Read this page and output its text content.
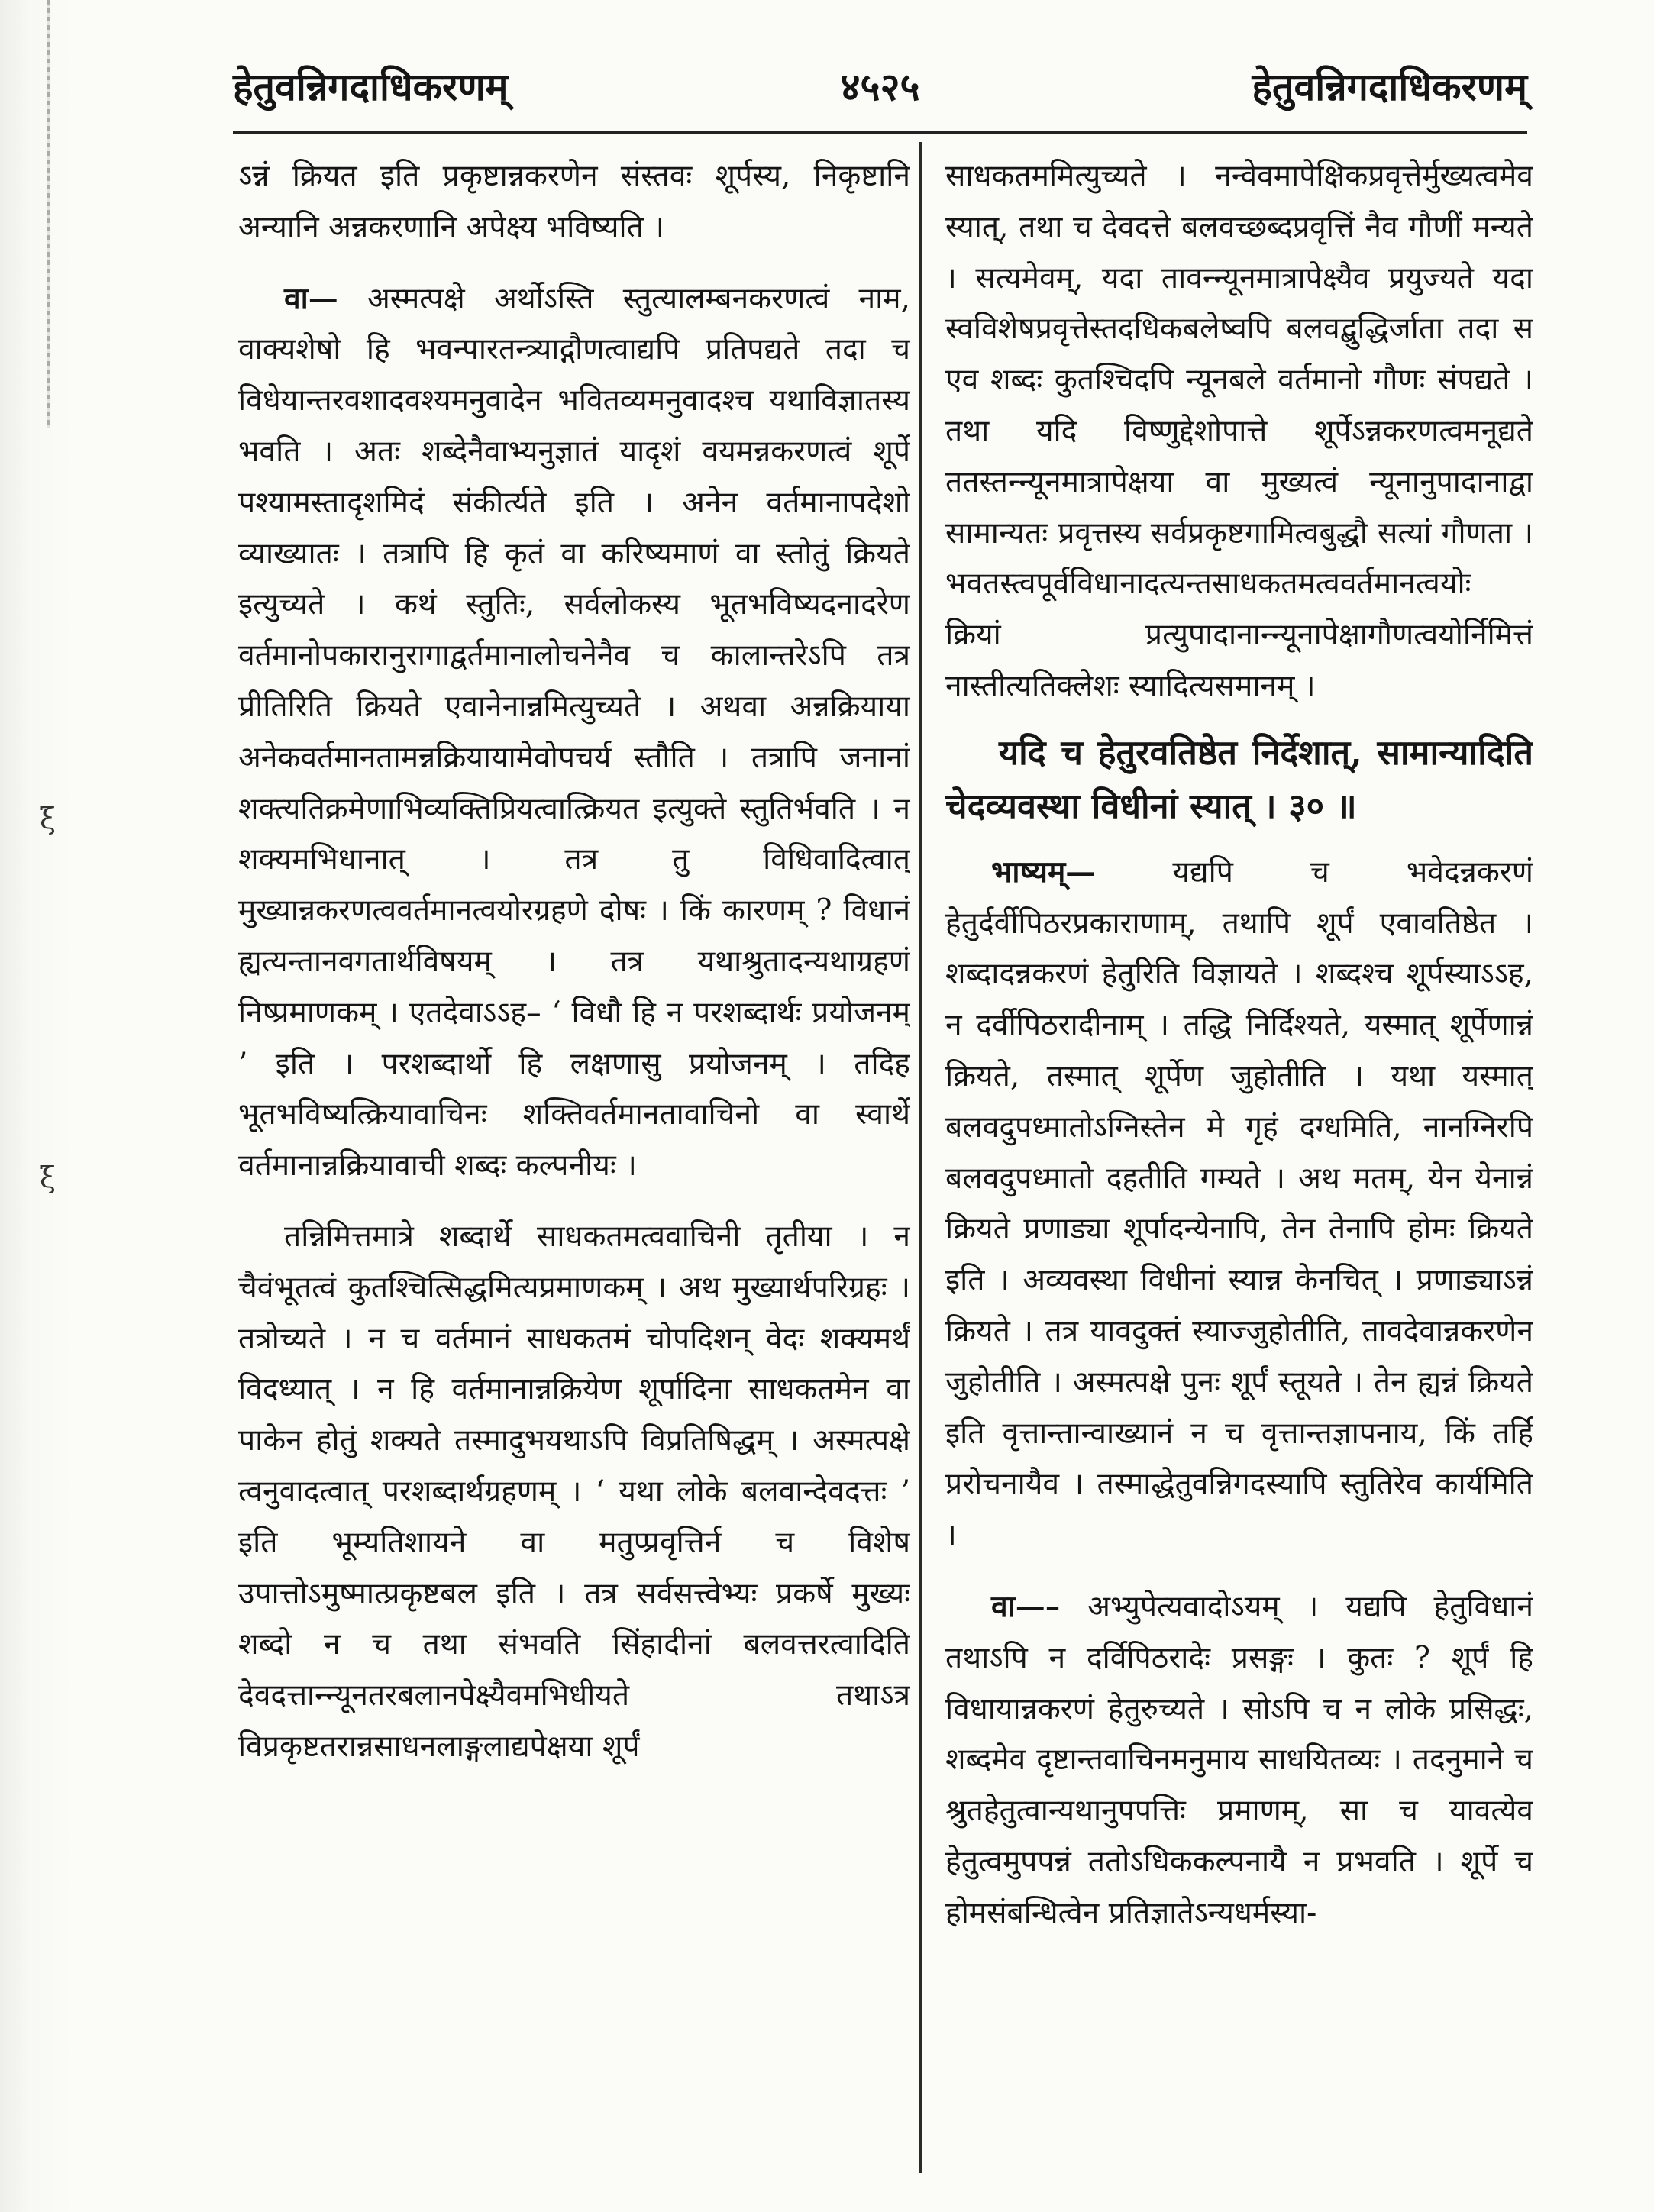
ξ
ξ
हेतुवन्निगदाधिकरणम्	४५२५	हेतुवन्निगदाधिकरणम्

ऽन्नं क्रियत इति प्रकृष्टान्नकरणेन संस्तवः शूर्पस्य, निकृष्टानि अन्यानि अन्नकरणानि अपेक्ष्य भविष्यति ।

वा— अस्मत्पक्षे अर्थोऽस्ति स्तुत्यालम्बनकरणत्वं नाम, वाक्यशेषो हि भवन्पारतन्त्र्याद्गौणत्वाद्यपि प्रतिपद्यते तदा च विधेयान्तरवशादवश्यमनुवादेन भवितव्यमनुवादश्च यथाविज्ञातस्य भवति । अतः शब्देनैवाभ्यनुज्ञातं यादृशं वयमन्नकरणत्वं शूर्पे पश्यामस्तादृशमिदं संकीर्त्यते इति । अनेन वर्तमानापदेशो व्याख्यातः । तत्रापि हि कृतं वा करिष्यमाणं वा स्तोतुं क्रियते इत्युच्यते । कथं स्तुतिः, सर्वलोकस्य भूतभविष्यदनादरेण वर्तमानोपकारानुरागाद्वर्तमानालोचनेनैव च कालान्तरेऽपि तत्र प्रीतिरिति क्रियते एवानेनान्नमित्युच्यते । अथवा अन्नक्रियाया अनेकवर्तमानतामन्नक्रियायामेवोपचर्य स्तौति । तत्रापि जनानां शक्त्यतिक्रमेणाभिव्यक्तिप्रियत्वात्क्रियत इत्युक्ते स्तुतिर्भवति । न शक्यमभिधानात् । तत्र तु विधिवादित्वात् मुख्यान्नकरणत्ववर्तमानत्वयोरग्रहणे दोषः । किं कारणम् ? विधानं ह्यत्यन्तानवगतार्थविषयम् । तत्र यथाश्रुतादन्यथाग्रहणं निष्प्रमाणकम् । एतदेवाऽऽह– ‘ विधौ हि न परशब्दार्थः प्रयोजनम् ’ इति । परशब्दार्थो हि लक्षणासु प्रयोजनम् । तदिह भूतभविष्यत्क्रियावाचिनः शक्तिवर्तमानतावाचिनो वा स्वार्थे वर्तमानान्नक्रियावाची शब्दः कल्पनीयः ।

तन्निमित्तमात्रे शब्दार्थे साधकतमत्ववाचिनी तृतीया । न चैवंभूतत्वं कुतश्चित्सिद्धमित्यप्रमाणकम् । अथ मुख्यार्थपरिग्रहः । तत्रोच्यते । न च वर्तमानं साधकतमं चोपदिशन् वेदः शक्यमर्थं विदध्यात् । न हि वर्तमानान्नक्रियेण शूर्पादिना साधकतमेन वा पाकेन होतुं शक्यते तस्मादुभयथाऽपि विप्रतिषिद्धम् । अस्मत्पक्षे त्वनुवादत्वात् परशब्दार्थग्रहणम् । ‘ यथा लोके बलवान्देवदत्तः ’ इति भूम्यतिशायने वा मतुप्प्रवृत्तिर्न च विशेष उपात्तोऽमुष्मात्प्रकृष्टबल इति । तत्र सर्वसत्त्वेभ्यः प्रकर्षे मुख्यः शब्दो न च तथा संभवति सिंहादीनां बलवत्तरत्वादिति देवदत्तान्न्यूनतरबलानपेक्ष्यैवमभिधीयते तथाऽत्र विप्रकृष्टतरान्नसाधनलाङ्गलाद्यपेक्षया शूर्पं

साधकतममित्युच्यते । नन्वेवमापेक्षिकप्रवृत्तेर्मुख्यत्वमेव स्यात्, तथा च देवदत्ते बलवच्छब्दप्रवृत्तिं नैव गौणीं मन्यते । सत्यमेवम्, यदा तावन्न्यूनमात्रापेक्ष्यैव प्रयुज्यते यदा स्वविशेषप्रवृत्तेस्तदधिकबलेष्वपि बलवद्बुद्धिर्जाता तदा स एव शब्दः कुतश्चिदपि न्यूनबले वर्तमानो गौणः संपद्यते । तथा यदि विष्णुद्देशोपात्ते शूर्पेऽन्नकरणत्वमनूद्यते ततस्तन्न्यूनमात्रापेक्षया वा मुख्यत्वं न्यूनानुपादानाद्वा सामान्यतः प्रवृत्तस्य सर्वप्रकृष्टगामित्वबुद्धौ सत्यां गौणता । भवतस्त्वपूर्वविधानादत्यन्तसाधकतमत्ववर्तमानत्वयोः क्रियां प्रत्युपादानान्न्यूनापेक्षागौणत्वयोर्निमित्तं नास्तीत्यतिक्लेशः स्यादित्यसमानम् ।

यदि च हेतुरवतिष्ठेत निर्देशात्, सामान्यादिति चेदव्यवस्था विधीनां स्यात् । ३० ॥

भाष्यम्— यद्यपि च भवेदन्नकरणं हेतुर्दर्वीपिठरप्रकाराणाम्, तथापि शूर्पं एवावतिष्ठेत । शब्दादन्नकरणं हेतुरिति विज्ञायते । शब्दश्च शूर्पस्याऽऽह, न दर्वीपिठरादीनाम् । तद्धि निर्दिश्यते, यस्मात् शूर्पेणान्नं क्रियते, तस्मात् शूर्पेण जुहोतीति । यथा यस्मात् बलवदुपध्मातोऽग्निस्तेन मे गृहं दग्धमिति, नानग्निरपि बलवदुपध्मातो दहतीति गम्यते । अथ मतम्, येन येनान्नं क्रियते प्रणाड्या शूर्पादन्येनापि, तेन तेनापि होमः क्रियते इति । अव्यवस्था विधीनां स्यान्न केनचित् । प्रणाड्याऽन्नं क्रियते । तत्र यावदुक्तं स्याज्जुहोतीति, तावदेवान्नकरणेन जुहोतीति । अस्मत्पक्षे पुनः शूर्पं स्तूयते । तेन ह्यन्नं क्रियते इति वृत्तान्तान्वाख्यानं न च वृत्तान्तज्ञापनाय, किं तर्हि प्ररोचनायैव । तस्माद्धेतुवन्निगदस्यापि स्तुतिरेव कार्यमिति ।

वा—– अभ्युपेत्यवादोऽयम् । यद्यपि हेतुविधानं तथाऽपि न दर्विपिठरादेः प्रसङ्गः । कुतः ? शूर्पं हि विधायान्नकरणं हेतुरुच्यते । सोऽपि च न लोके प्रसिद्धः, शब्दमेव दृष्टान्तवाचिनमनुमाय साधयितव्यः । तदनुमाने च श्रुतहेतुत्वान्यथानुपपत्तिः प्रमाणम्, सा च यावत्येव हेतुत्वमुपपन्नं ततोऽधिककल्पनायै न प्रभवति । शूर्पे च होमसंबन्धित्वेन प्रतिज्ञातेऽन्यधर्मस्या-
